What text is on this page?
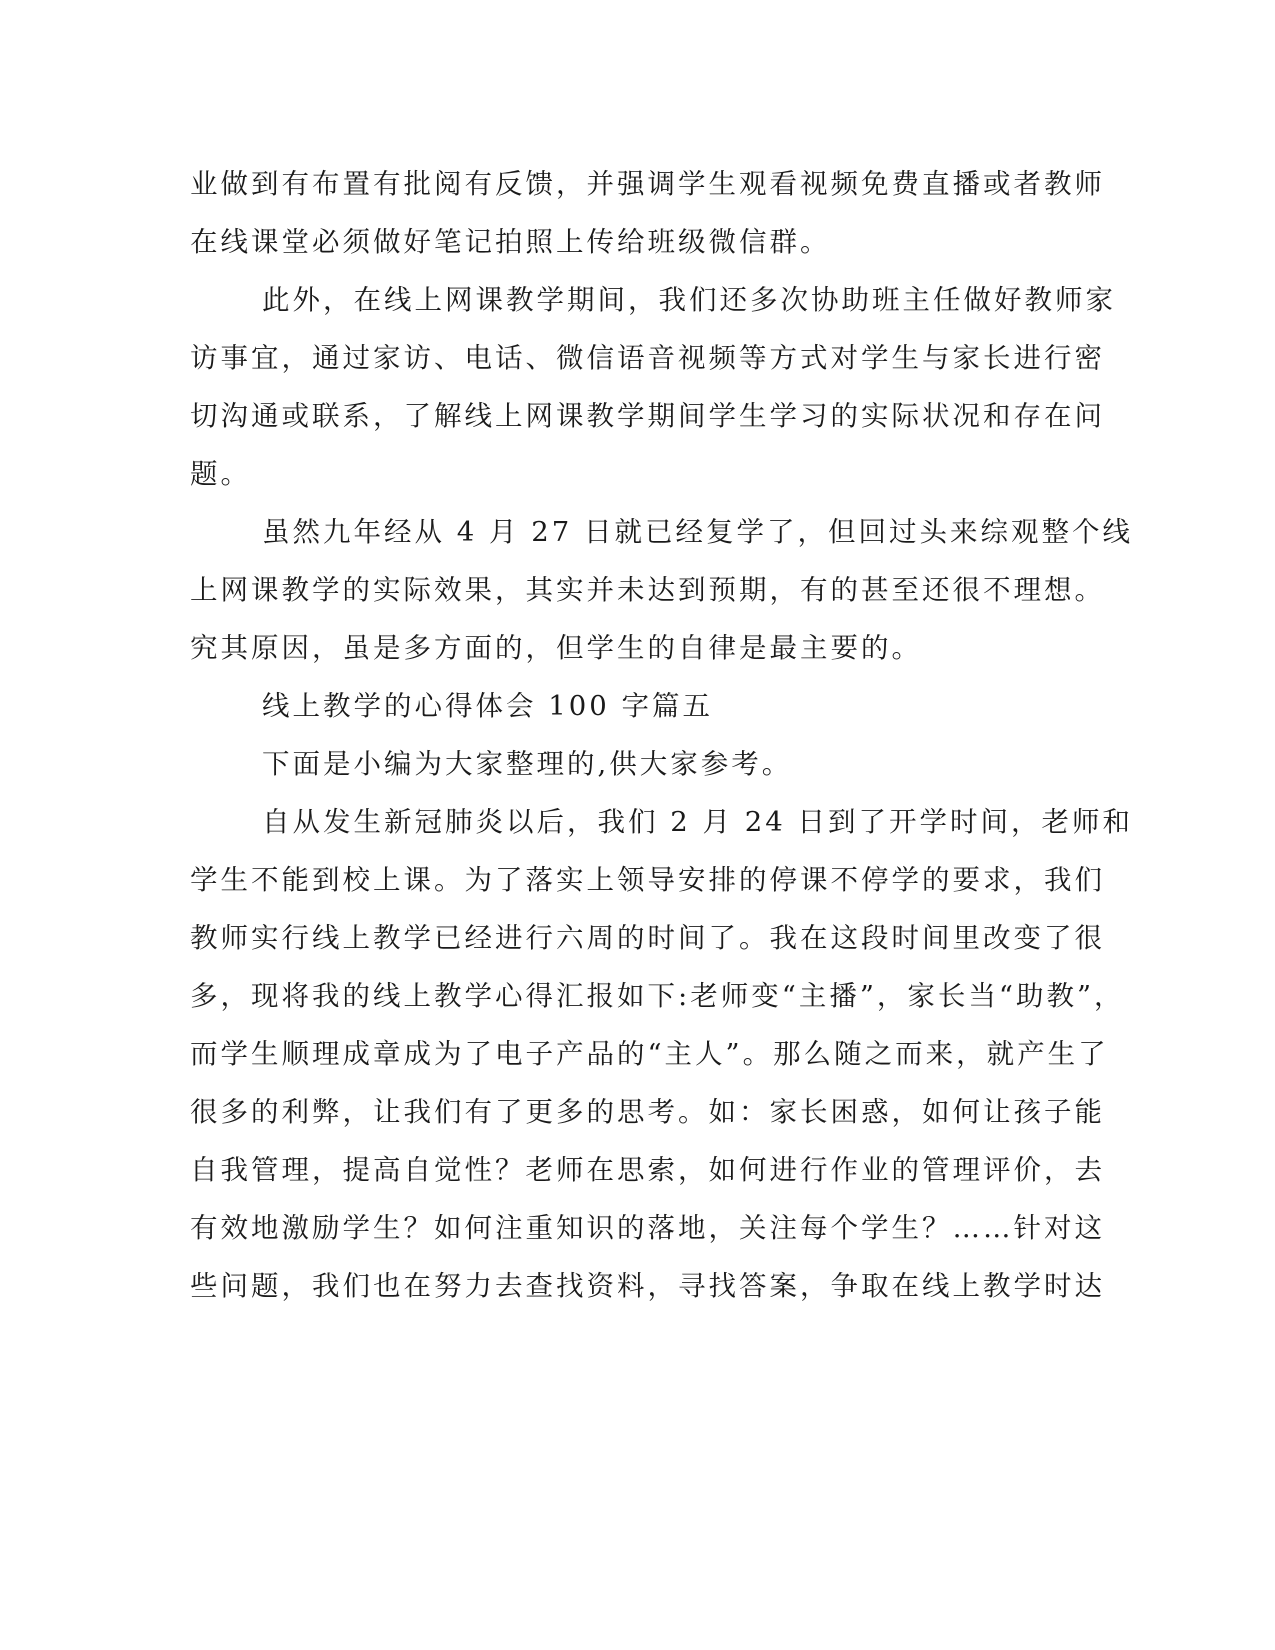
业做到有布置有批阅有反馈，并强调学生观看视频免费直播或者教师
在线课堂必须做好笔记拍照上传给班级微信群。
此外，在线上网课教学期间，我们还多次协助班主任做好教师家
访事宜，通过家访、电话、微信语音视频等方式对学生与家长进行密
切沟通或联系，了解线上网课教学期间学生学习的实际状况和存在问
题。
虽然九年经从 4 月 27 日就已经复学了，但回过头来综观整个线
上网课教学的实际效果，其实并未达到预期，有的甚至还很不理想。
究其原因，虽是多方面的，但学生的自律是最主要的。
线上教学的心得体会 100 字篇五
下面是小编为大家整理的,供大家参考。
自从发生新冠肺炎以后，我们 2 月 24 日到了开学时间，老师和
学生不能到校上课。为了落实上领导安排的停课不停学的要求，我们
教师实行线上教学已经进行六周的时间了。我在这段时间里改变了很
多，现将我的线上教学心得汇报如下:老师变“主播”，家长当“助教”，
而学生顺理成章成为了电子产品的“主人”。那么随之而来，就产生了
很多的利弊，让我们有了更多的思考。如：家长困惑，如何让孩子能
自我管理，提高自觉性？老师在思索，如何进行作业的管理评价，去
有效地激励学生？如何注重知识的落地，关注每个学生？……针对这
些问题，我们也在努力去查找资料，寻找答案，争取在线上教学时达
